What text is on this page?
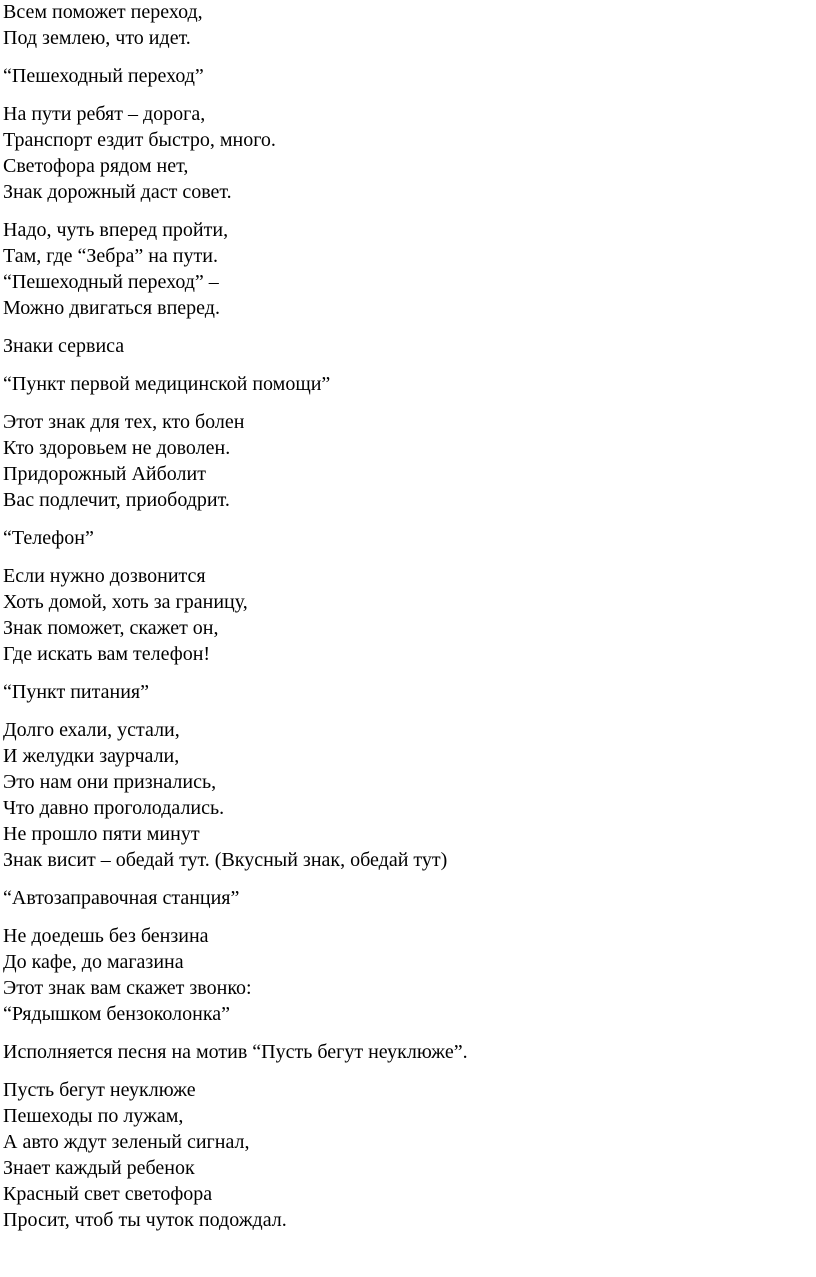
Всем поможет переход,
Под землею, что идет.
“Пешеходный переход”
На пути ребят – дорога,
Транспорт ездит быстро, много.
Светофора рядом нет,
Знак дорожный даст совет.
Надо, чуть вперед пройти,
Там, где “Зебра” на пути.
“Пешеходный переход” –
Можно двигаться вперед.
Знаки сервиса
“Пункт первой медицинской помощи”
Этот знак для тех, кто болен
Кто здоровьем не доволен.
Придорожный Айболит
Вас подлечит, приободрит.
“Телефон”
Если нужно дозвонится
Хоть домой, хоть за границу,
Знак поможет, скажет он,
Где искать вам телефон!
“Пункт питания”
Долго ехали, устали,
И желудки заурчали,
Это нам они признались,
Что давно проголодались.
Не прошло пяти минут
Знак висит – обедай тут. (Вкусный знак, обедай тут)
“Автозаправочная станция”
Не доедешь без бензина
До кафе, до магазина
Этот знак вам скажет звонко:
“Рядышком бензоколонка”
Исполняется песня на мотив “Пусть бегут неуклюже”.
Пусть бегут неуклюже
Пешеходы по лужам,
А авто ждут зеленый сигнал,
Знает каждый ребенок
Красный свет светофора
Просит, чтоб ты чуток подождал.
